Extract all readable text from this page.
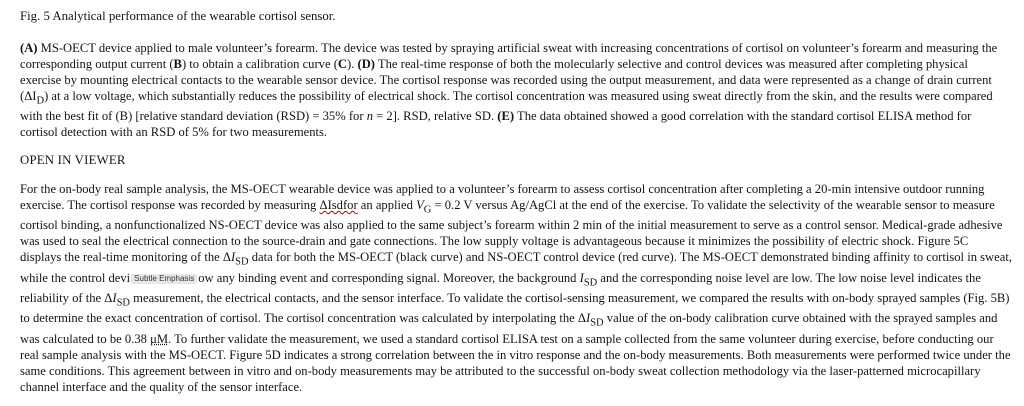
Fig. 5 Analytical performance of the wearable cortisol sensor.

(A) MS-OECT device applied to male volunteer’s forearm. The device was tested by spraying artificial sweat with increasing concentrations of cortisol on volunteer’s forearm and measuring the corresponding output current (B) to obtain a calibration curve (C). (D) The real-time response of both the molecularly selective and control devices was measured after completing physical exercise by mounting electrical contacts to the wearable sensor device. The cortisol response was recorded using the output measurement, and data were represented as a change of drain current $(\Delta I_D)$ at a low voltage, which substantially reduces the possibility of electrical shock. The cortisol concentration was measured using sweat directly from the skin, and the results were compared with the best fit of (B) [relative standard deviation (RSD) = 35% for n = 2]. RSD, relative SD. (E) The data obtained showed a good correlation with the standard cortisol ELISA method for cortisol detection with an RSD of 5% for two measurements.

OPEN IN VIEWER

For the on-body real sample analysis, the MS-OECT wearable device was applied to a volunteer’s forearm to assess cortisol concentration after completing a 20-min intensive outdoor running exercise. The cortisol response was recorded by measuring ΔIsdfor an applied $V_G = 0.2$ V versus Ag/AgCl at the end of the exercise. To validate the selectivity of the wearable sensor to measure cortisol binding, a nonfunctionalized NS-OECT device was also applied to the same subject’s forearm within 2 min of the initial measurement to serve as a control sensor. Medical-grade adhesive was used to seal the electrical connection to the source-drain and gate connections. The low supply voltage is advantageous because it minimizes the possibility of electric shock. Figure 5C displays the real-time monitoring of the $\Delta I_{SD}$ data for both the MS-OECT (black curve) and NS-OECT control device (red curve). The MS-OECT demonstrated binding affinity to cortisol in sweat, while the control devi Subtle Emphasis ow any binding event and corresponding signal. Moreover, the background $I_{SD}$ and the corresponding noise level are low. The low noise level indicates the reliability of the $\Delta I_{SD}$ measurement, the electrical contacts, and the sensor interface. To validate the cortisol-sensing measurement, we compared the results with on-body sprayed samples (Fig. 5B) to determine the exact concentration of cortisol. The cortisol concentration was calculated by interpolating the $\Delta I_{SD}$ value of the on-body calibration curve obtained with the sprayed samples and was calculated to be 0.38 μM. To further validate the measurement, we used a standard cortisol ELISA test on a sample collected from the same volunteer during exercise, before conducting our real sample analysis with the MS-OECT. Figure 5D indicates a strong correlation between the in vitro response and the on-body measurements. Both measurements were performed twice under the same conditions. This agreement between in vitro and on-body measurements may be attributed to the successful on-body sweat collection methodology via the laser-patterned microcapillary channel interface and the quality of the sensor interface.
